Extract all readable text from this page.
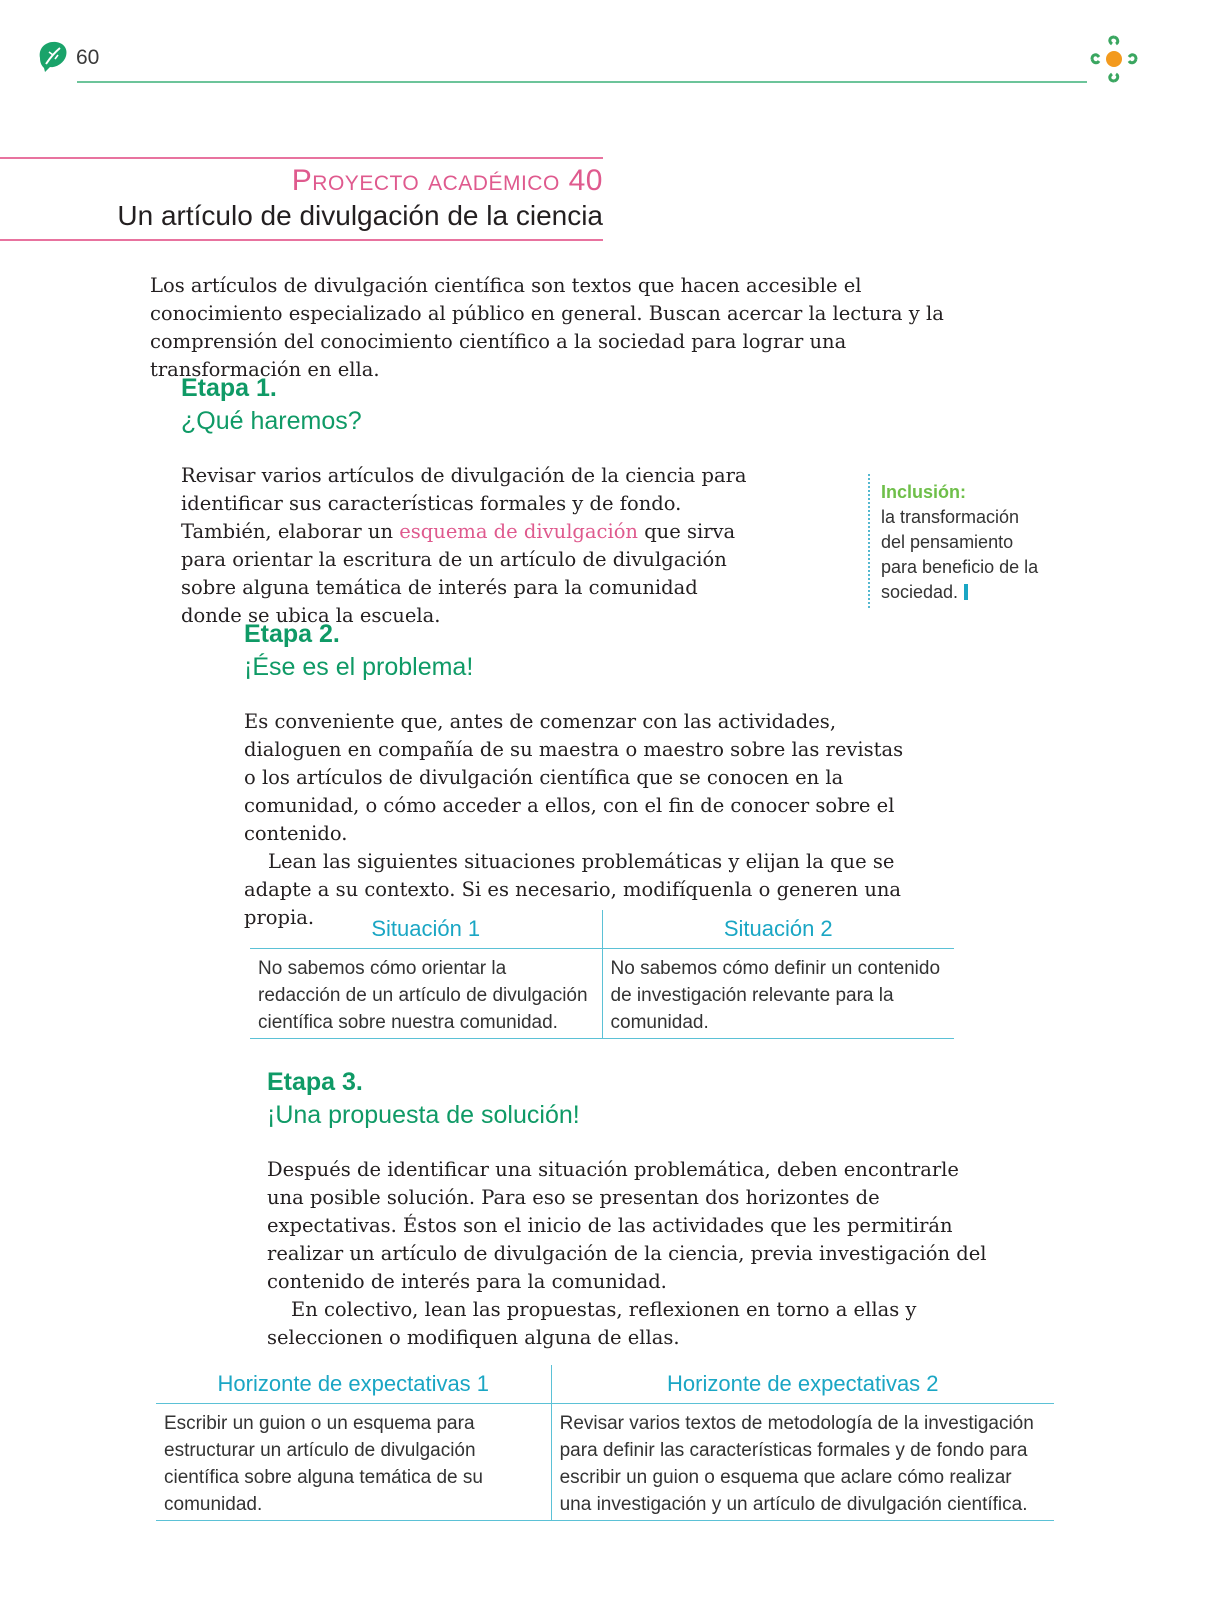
60
Proyecto académico 40
Un artículo de divulgación de la ciencia

Los artículos de divulgación científica son textos que hacen accesible el conocimiento especializado al público en general. Buscan acercar la lectura y la comprensión del conocimiento científico a la sociedad para lograr una transformación en ella.

Etapa 1.
¿Qué haremos?

Revisar varios artículos de divulgación de la ciencia para identificar sus características formales y de fondo. También, elaborar un esquema de divulgación que sirva para orientar la escritura de un artículo de divulgación sobre alguna temática de interés para la comunidad donde se ubica la escuela.

Inclusión:
la transformación del pensamiento para beneficio de la sociedad.
Etapa 2.
¡Ése es el problema!

Es conveniente que, antes de comenzar con las actividades, dialoguen en compañía de su maestra o maestro sobre las revistas o los artículos de divulgación científica que se conocen en la comunidad, o cómo acceder a ellos, con el fin de conocer sobre el contenido.

Lean las siguientes situaciones problemáticas y elijan la que se adapte a su contexto. Si es necesario, modifíquenla o generen una propia.	Situación 1	Situación 2
No sabemos cómo orientar la redacción de un artículo de divulgación científica sobre nuestra comunidad.	No sabemos cómo definir un contenido de investigación relevante para la comunidad.
Etapa 3.
¡Una propuesta de solución!

Después de identificar una situación problemática, deben encontrarle una posible solución. Para eso se presentan dos horizontes de expectativas. Éstos son el inicio de las actividades que les permitirán realizar un artículo de divulgación de la ciencia, previa investigación del contenido de interés para la comunidad.

En colectivo, lean las propuestas, reflexionen en torno a ellas y seleccionen o modifiquen alguna de ellas.

Horizonte de expectativas 1	Horizonte de expectativas 2
Escribir un guion o un esquema para estructurar un artículo de divulgación científica sobre alguna temática de su comunidad.	Revisar varios textos de metodología de la investigación para definir las características formales y de fondo para escribir un guion o esquema que aclare cómo realizar una investigación y un artículo de divulgación científica.
